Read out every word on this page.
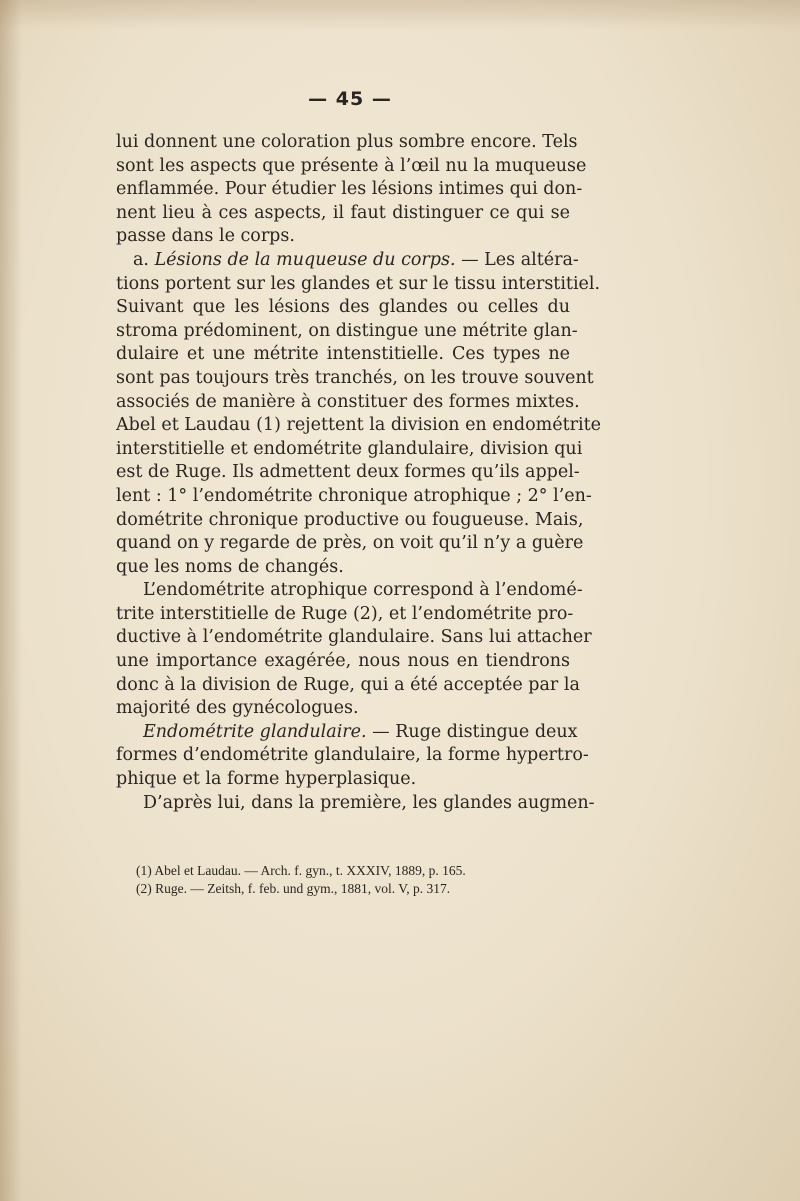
— 45 —
lui donnent une coloration plus sombre encore. Tels
sont les aspects que présente à l’œil nu la muqueuse
enflammée. Pour étudier les lésions intimes qui don-
nent lieu à ces aspects, il faut distinguer ce qui se
passe dans le corps.
a. Lésions de la muqueuse du corps. — Les altéra-
tions portent sur les glandes et sur le tissu interstitiel.
Suivant que les lésions des glandes ou celles du
stroma prédominent, on distingue une métrite glan-
dulaire et une métrite intenstitielle. Ces types ne
sont pas toujours très tranchés, on les trouve souvent
associés de manière à constituer des formes mixtes.
Abel et Laudau (1) rejettent la division en endométrite
interstitielle et endométrite glandulaire, division qui
est de Ruge. Ils admettent deux formes qu’ils appel-
lent : 1° l’endométrite chronique atrophique ; 2° l’en-
dométrite chronique productive ou fougueuse. Mais,
quand on y regarde de près, on voit qu’il n’y a guère
que les noms de changés.
L’endométrite atrophique correspond à l’endomé-
trite interstitielle de Ruge (2), et l’endométrite pro-
ductive à l’endométrite glandulaire. Sans lui attacher
une importance exagérée, nous nous en tiendrons
donc à la division de Ruge, qui a été acceptée par la
majorité des gynécologues.
Endométrite glandulaire. — Ruge distingue deux
formes d’endométrite glandulaire, la forme hypertro-
phique et la forme hyperplasique.
D’après lui, dans la première, les glandes augmen-
(1) Abel et Laudau. — Arch. f. gyn., t. XXXIV, 1889, p. 165.
(2) Ruge. — Zeitsh, f. feb. und gym., 1881, vol. V, p. 317.
